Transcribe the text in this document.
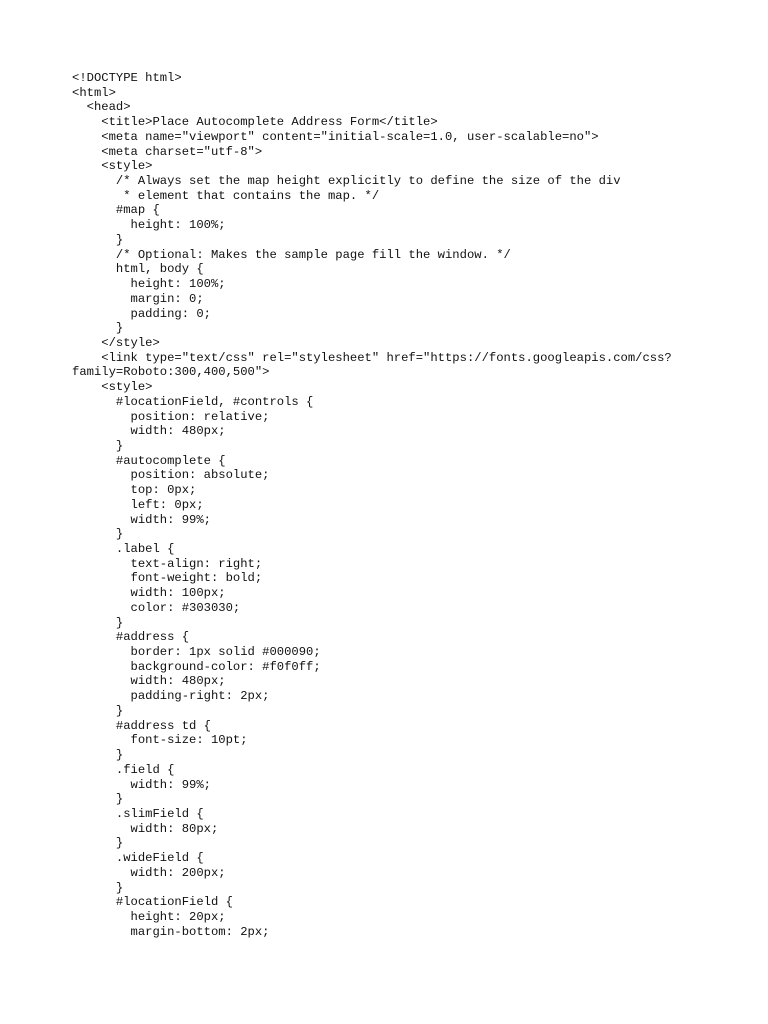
<!DOCTYPE html>
<html>
<head>
<title>Place Autocomplete Address Form</title>
<meta name="viewport" content="initial-scale=1.0, user-scalable=no">
<meta charset="utf-8">
<style>
/* Always set the map height explicitly to define the size of the div
* element that contains the map. */
#map {
height: 100%;
}
/* Optional: Makes the sample page fill the window. */
html, body {
height: 100%;
margin: 0;
padding: 0;
}
</style>
<link type="text/css" rel="stylesheet" href="https://fonts.googleapis.com/css?
family=Roboto:300,400,500">
<style>
#locationField, #controls {
position: relative;
width: 480px;
}
#autocomplete {
position: absolute;
top: 0px;
left: 0px;
width: 99%;
}
.label {
text-align: right;
font-weight: bold;
width: 100px;
color: #303030;
}
#address {
border: 1px solid #000090;
background-color: #f0f0ff;
width: 480px;
padding-right: 2px;
}
#address td {
font-size: 10pt;
}
.field {
width: 99%;
}
.slimField {
width: 80px;
}
.wideField {
width: 200px;
}
#locationField {
height: 20px;
margin-bottom: 2px;
